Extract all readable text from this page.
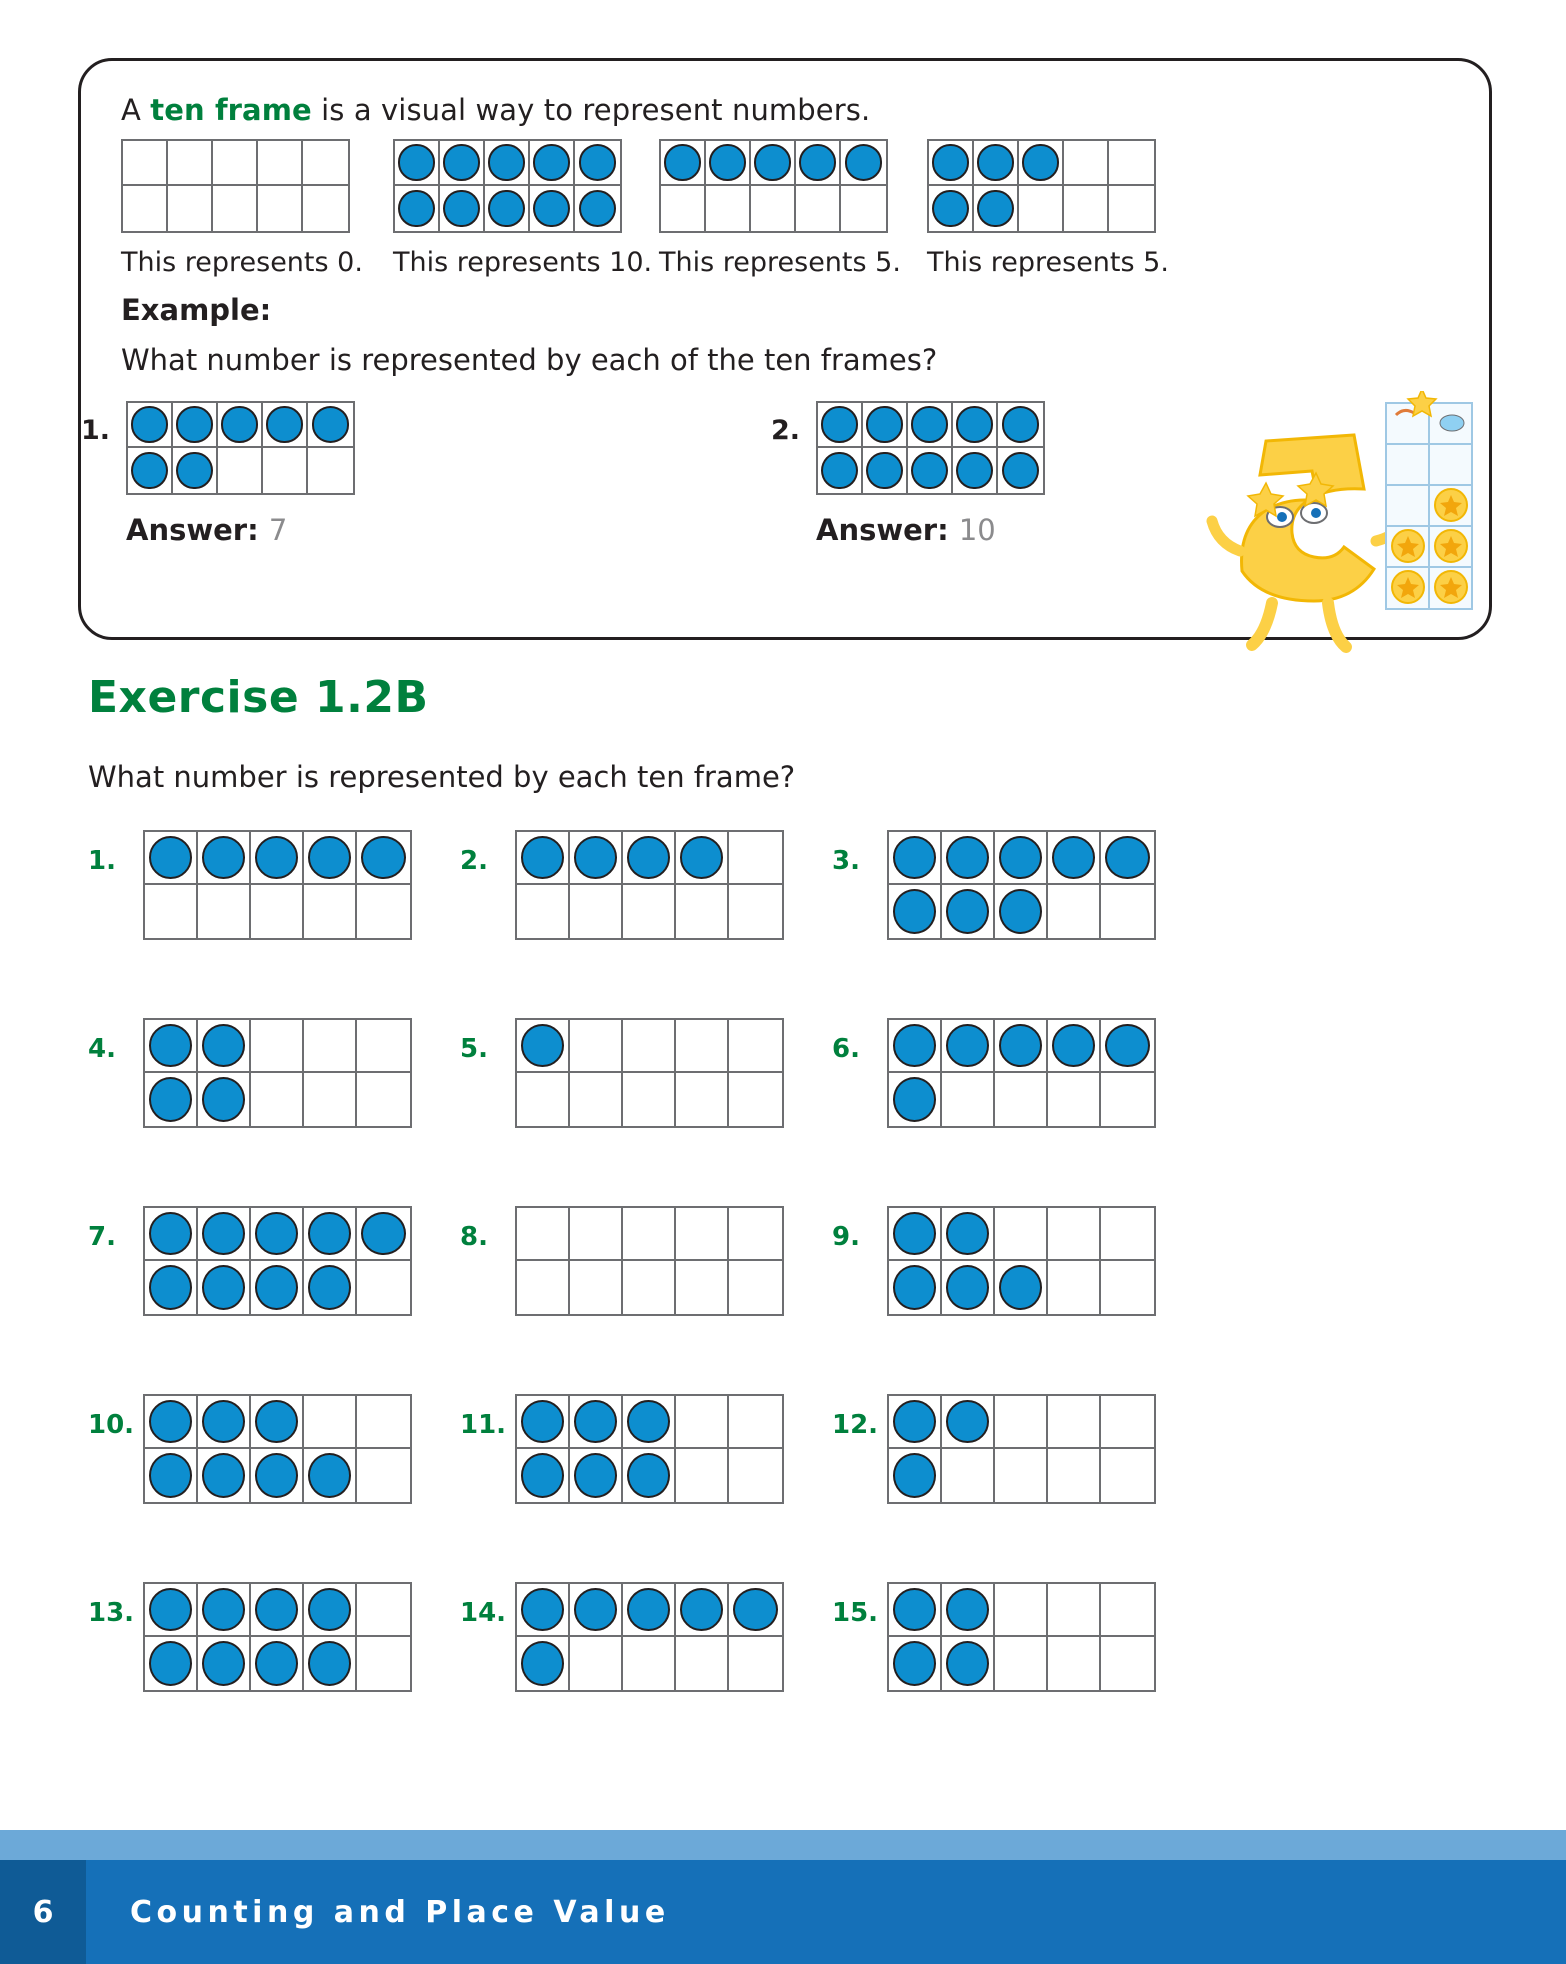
A ten frame is a visual way to represent numbers.
This represents 0. This represents 10. This represents 5. This represents 5.
Example:
What number is represented by each of the ten frames?
1.
Answer: 7
2.
Answer: 10
Exercise 1.2B
What number is represented by each ten frame?
1.	2.	3.
4.	5.	6.
7.	8.	9.
10.	11.	12.
13.	14.	15.
6	Counting and Place Value
